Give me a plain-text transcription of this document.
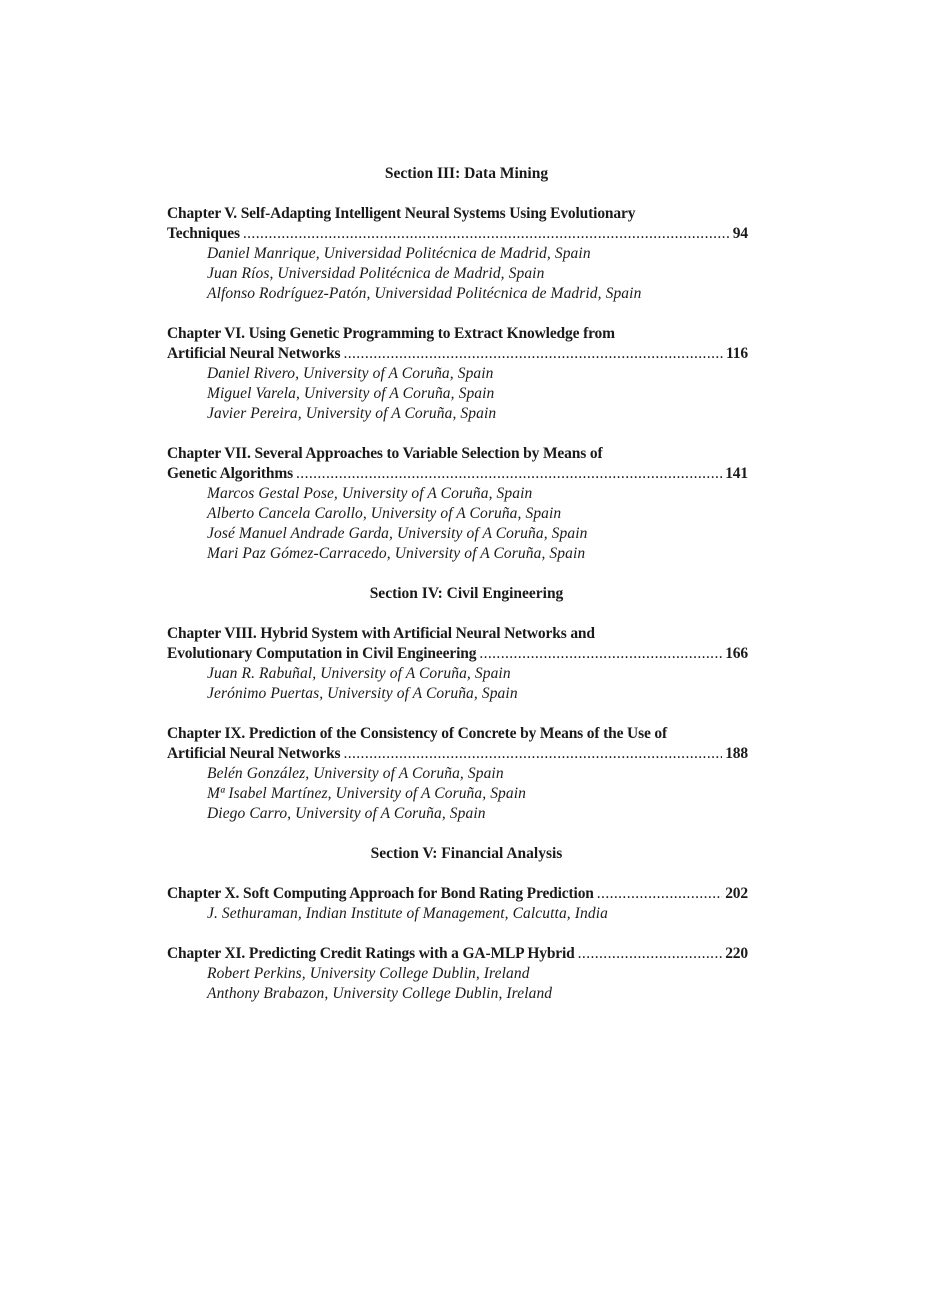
Section III: Data Mining
Chapter V. Self-Adapting Intelligent Neural Systems Using Evolutionary
Techniques .....	94
Daniel Manrique, Universidad Politécnica de Madrid, Spain
Juan Ríos, Universidad Politécnica de Madrid, Spain
Alfonso Rodríguez-Patón, Universidad Politécnica de Madrid, Spain
Chapter VI. Using Genetic Programming to Extract Knowledge from
Artificial Neural Networks .....	116
Daniel Rivero, University of A Coruña, Spain
Miguel Varela, University of A Coruña, Spain
Javier Pereira, University of A Coruña, Spain
Chapter VII. Several Approaches to Variable Selection by Means of
Genetic Algorithms .....	141
Marcos Gestal Pose, University of A Coruña, Spain
Alberto Cancela Carollo, University of A Coruña, Spain
José Manuel Andrade Garda, University of A Coruña, Spain
Mari Paz Gómez-Carracedo, University of A Coruña, Spain
Section IV: Civil Engineering
Chapter VIII. Hybrid System with Artificial Neural Networks and
Evolutionary Computation in Civil Engineering .....	166
Juan R. Rabuñal, University of A Coruña, Spain
Jerónimo Puertas, University of A Coruña, Spain
Chapter IX. Prediction of the Consistency of Concrete by Means of the Use of
Artificial Neural Networks .....	188
Belén González, University of A Coruña, Spain
Mª Isabel Martínez, University of A Coruña, Spain
Diego Carro, University of A Coruña, Spain
Section V: Financial Analysis
Chapter X. Soft Computing Approach for Bond Rating Prediction .....	202
J. Sethuraman, Indian Institute of Management, Calcutta, India
Chapter XI. Predicting Credit Ratings with a GA-MLP Hybrid .....	220
Robert Perkins, University College Dublin, Ireland
Anthony Brabazon, University College Dublin, Ireland
